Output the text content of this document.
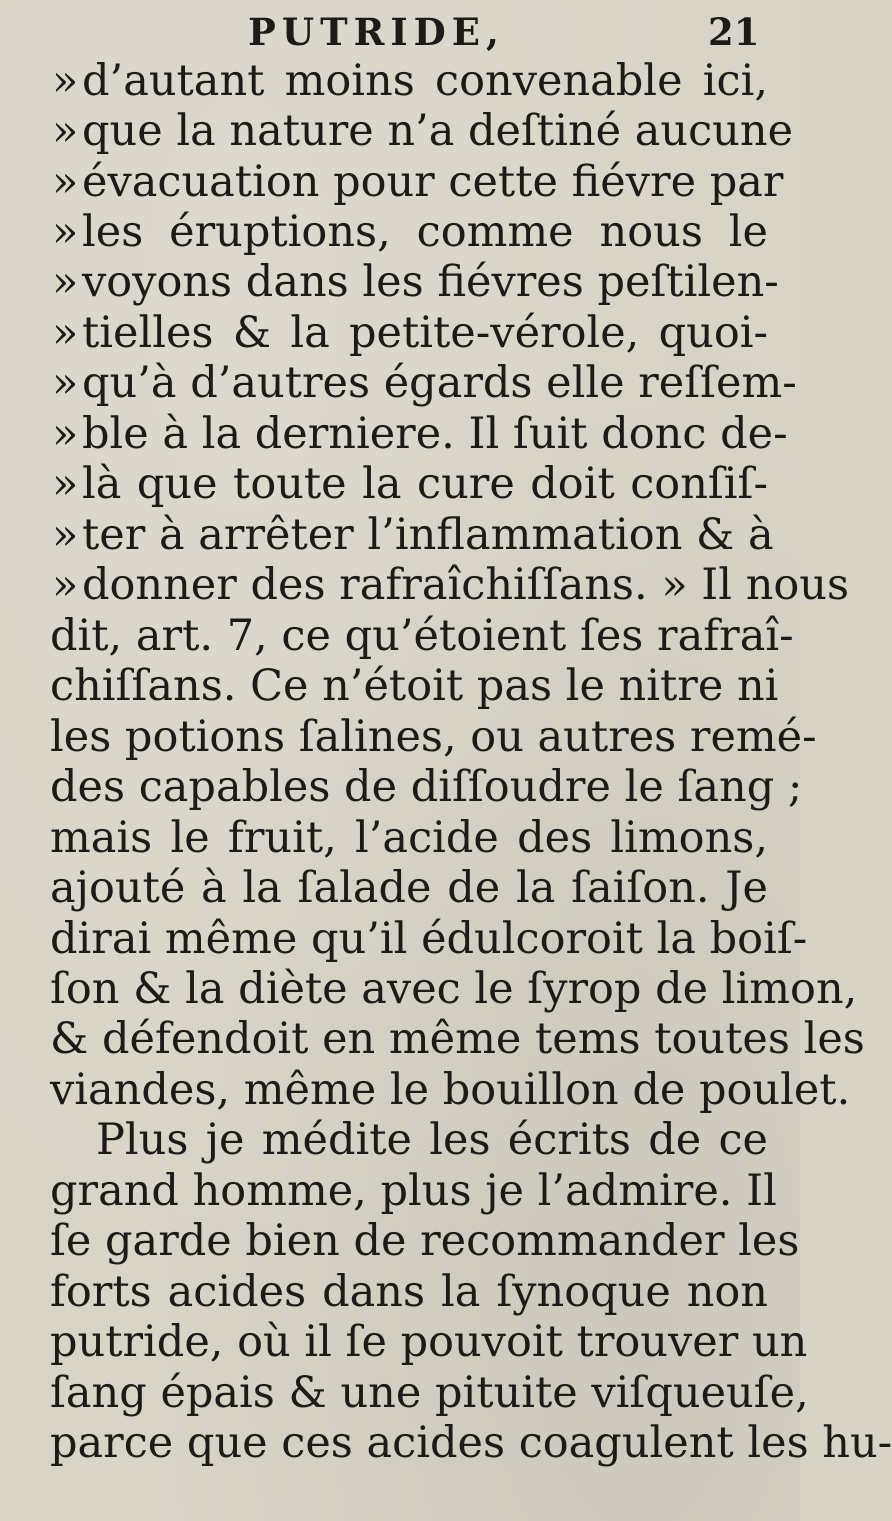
PUTRIDE,	21
»d’autant moins convenable ici,
»que la nature n’a deſtiné aucune
»évacuation pour cette fiévre par
»les éruptions, comme nous le
»voyons dans les fiévres peſtilen-
»tielles & la petite-vérole, quoi-
»qu’à d’autres égards elle reſſem-
»ble à la derniere. Il ſuit donc de-
»là que toute la cure doit conſiſ-
»ter à arrêter l’inflammation & à
»donner des rafraîchiſſans. » Il nous
dit, art. 7, ce qu’étoient ſes rafraî-
chiſſans. Ce n’étoit pas le nitre ni
les potions ſalines, ou autres remé-
des capables de diſſoudre le ſang ;
mais le fruit, l’acide des limons,
ajouté à la ſalade de la ſaiſon. Je
dirai même qu’il édulcoroit la boiſ-
ſon & la diète avec le ſyrop de limon,
& défendoit en même tems toutes les
viandes, même le bouillon de poulet.
Plus je médite les écrits de ce
grand homme, plus je l’admire. Il
ſe garde bien de recommander les
forts acides dans la ſynoque non
putride, où il ſe pouvoit trouver un
ſang épais & une pituite viſqueuſe,
parce que ces acides coagulent les hu-
